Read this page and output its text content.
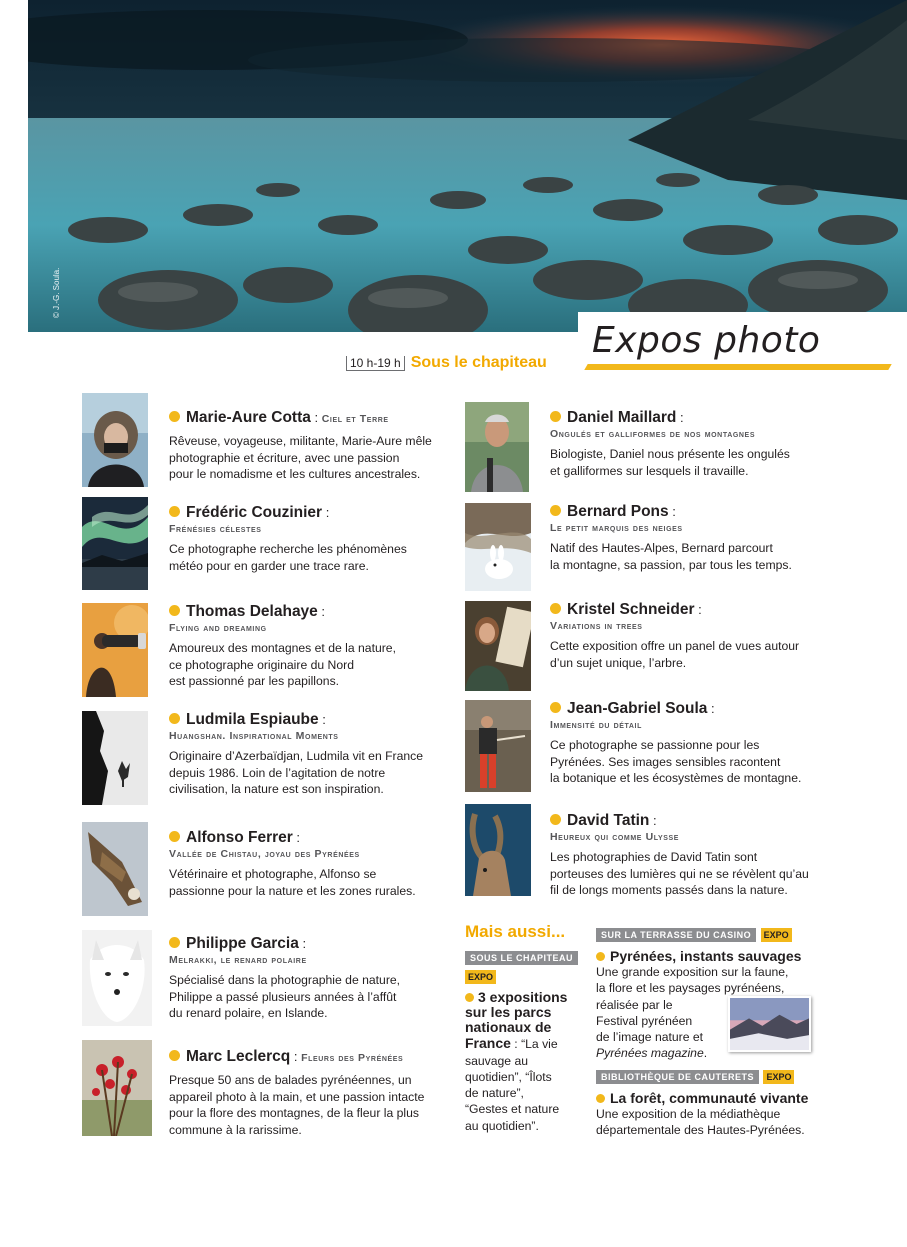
© J.-G. Soula.
Expos photo
10 h-19 h Sous le chapiteau
Marie-Aure Cotta : Ciel et Terre
Rêveuse, voyageuse, militante, Marie-Aure mêle
photographie et écriture, avec une passion
pour le nomadisme et les cultures ancestrales.
Frédéric Couzinier :
Frénésies célestes
Ce photographe recherche les phénomènes
météo pour en garder une trace rare.
Thomas Delahaye :
Flying and dreaming
Amoureux des montagnes et de la nature,
ce photographe originaire du Nord
est passionné par les papillons.
Ludmila Espiaube :
Huangshan. Inspirational Moments
Originaire d’Azerbaïdjan, Ludmila vit en France
depuis 1986. Loin de l’agitation de notre
civilisation, la nature est son inspiration.
Alfonso Ferrer :
Vallée de Chistau, joyau des Pyrénées
Vétérinaire et photographe, Alfonso se
passionne pour la nature et les zones rurales.
Philippe Garcia :
Melrakki, le renard polaire
Spécialisé dans la photographie de nature,
Philippe a passé plusieurs années à l’affût
du renard polaire, en Islande.
Marc Leclercq : Fleurs des Pyrénées
Presque 50 ans de balades pyrénéennes, un
appareil photo à la main, et une passion intacte
pour la flore des montagnes, de la fleur la plus
commune à la rarissime.
Daniel Maillard :
Ongulés et galliformes de nos montagnes
Biologiste, Daniel nous présente les ongulés
et galliformes sur lesquels il travaille.
Bernard Pons :
Le petit marquis des neiges
Natif des Hautes-Alpes, Bernard parcourt
la montagne, sa passion, par tous les temps.
Kristel Schneider :
Variations in trees
Cette exposition offre un panel de vues autour
d’un sujet unique, l’arbre.
Jean-Gabriel Soula :
Immensité du détail
Ce photographe se passionne pour les
Pyrénées. Ses images sensibles racontent
la botanique et les écosystèmes de montagne.
David Tatin :
Heureux qui comme Ulysse
Les photographies de David Tatin sont
porteuses des lumières qui ne se révèlent qu’au
fil de longs moments passés dans la nature.
Mais aussi...
SOUS LE CHAPITEAU
EXPO
3 expositions
sur les parcs
nationaux de
France : “La vie
sauvage au
quotidien”, “Îlots
de nature”,
“Gestes et nature
au quotidien”.
SUR LA TERRASSE DU CASINO EXPO
Pyrénées, instants sauvages
Une grande exposition sur la faune,
la flore et les paysages pyrénéens,
réalisée par le
Festival pyrénéen
de l’image nature et
Pyrénées magazine.
BIBLIOTHÈQUE DE CAUTERETS EXPO
La forêt, communauté vivante
Une exposition de la médiathèque
départementale des Hautes-Pyrénées.
